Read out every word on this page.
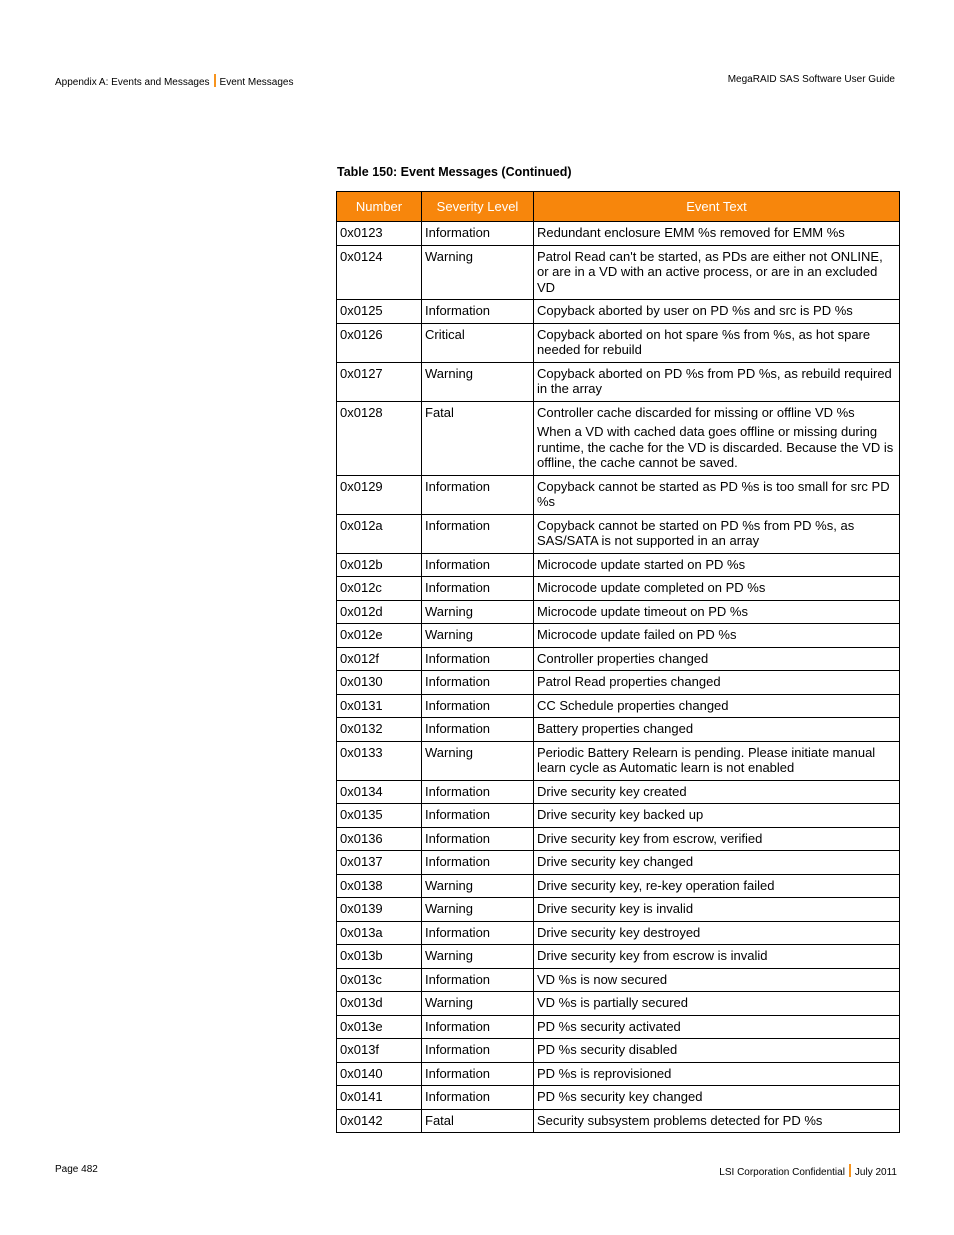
Appendix A: Events and Messages Event Messages	MegaRAID SAS Software User Guide
Table 150: Event Messages (Continued)
Number	Severity Level	Event Text
0x0123	Information	Redundant enclosure EMM %s removed for EMM %s

0x0124	Warning	Patrol Read can't be started, as PDs are either not ONLINE, or are in a VD with an active process, or are in an excluded VD

0x0125	Information	Copyback aborted by user on PD %s and src is PD %s

0x0126	Critical	Copyback aborted on hot spare %s from %s, as hot spare needed for rebuild

0x0127	Warning	Copyback aborted on PD %s from PD %s, as rebuild required in the array

0x0128	Fatal	Controller cache discarded for missing or offline VD %s

When a VD with cached data goes offline or missing during runtime, the cache for the VD is discarded. Because the VD is offline, the cache cannot be saved.

0x0129	Information	Copyback cannot be started as PD %s is too small for src PD %s

0x012a	Information	Copyback cannot be started on PD %s from PD %s, as SAS/SATA is not supported in an array

0x012b	Information	Microcode update started on PD %s

0x012c	Information	Microcode update completed on PD %s

0x012d	Warning	Microcode update timeout on PD %s

0x012e	Warning	Microcode update failed on PD %s

0x012f	Information	Controller properties changed

0x0130	Information	Patrol Read properties changed

0x0131	Information	CC Schedule properties changed

0x0132	Information	Battery properties changed

0x0133	Warning	Periodic Battery Relearn is pending. Please initiate manual learn cycle as Automatic learn is not enabled

0x0134	Information	Drive security key created

0x0135	Information	Drive security key backed up

0x0136	Information	Drive security key from escrow, verified

0x0137	Information	Drive security key changed

0x0138	Warning	Drive security key, re-key operation failed

0x0139	Warning	Drive security key is invalid

0x013a	Information	Drive security key destroyed

0x013b	Warning	Drive security key from escrow is invalid

0x013c	Information	VD %s is now secured

0x013d	Warning	VD %s is partially secured

0x013e	Information	PD %s security activated

0x013f	Information	PD %s security disabled

0x0140	Information	PD %s is reprovisioned

0x0141	Information	PD %s security key changed

0x0142	Fatal	Security subsystem problems detected for PD %s

Page 482	LSI Corporation Confidential July 2011
